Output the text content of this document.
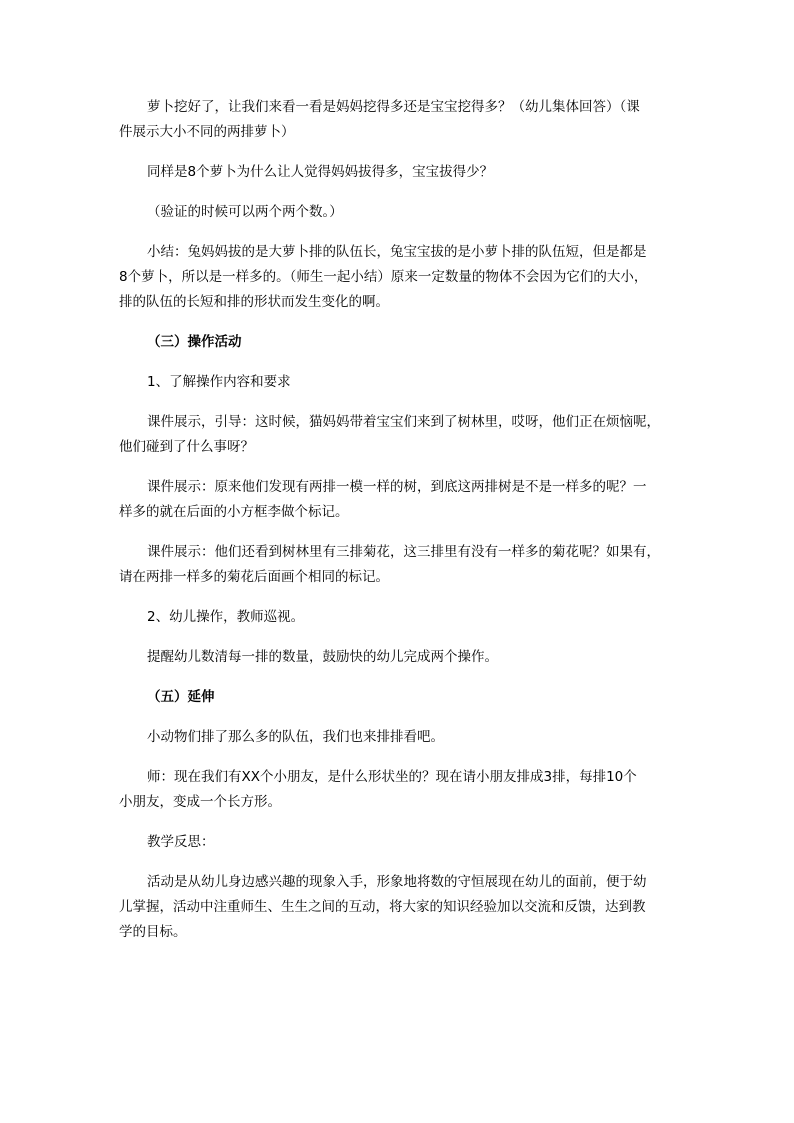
萝卜挖好了，让我们来看一看是妈妈挖得多还是宝宝挖得多？（幼儿集体回答）（课
件展示大小不同的两排萝卜）

同样是8个萝卜为什么让人觉得妈妈拔得多，宝宝拔得少？

（验证的时候可以两个两个数。）

小结：兔妈妈拔的是大萝卜排的队伍长，兔宝宝拔的是小萝卜排的队伍短，但是都是
8个萝卜，所以是一样多的。（师生一起小结）原来一定数量的物体不会因为它们的大小，
排的队伍的长短和排的形状而发生变化的啊。

（三）操作活动

1、了解操作内容和要求

课件展示，引导：这时候，猫妈妈带着宝宝们来到了树林里，哎呀，他们正在烦恼呢，
他们碰到了什么事呀？

课件展示：原来他们发现有两排一模一样的树，到底这两排树是不是一样多的呢？一
样多的就在后面的小方框李做个标记。

课件展示：他们还看到树林里有三排菊花，这三排里有没有一样多的菊花呢？如果有，
请在两排一样多的菊花后面画个相同的标记。

2、幼儿操作，教师巡视。

提醒幼儿数清每一排的数量，鼓励快的幼儿完成两个操作。

（五）延伸

小动物们排了那么多的队伍，我们也来排排看吧。

师：现在我们有XX个小朋友，是什么形状坐的？现在请小朋友排成3排，每排10个
小朋友，变成一个长方形。

教学反思：

活动是从幼儿身边感兴趣的现象入手，形象地将数的守恒展现在幼儿的面前，便于幼
儿掌握，活动中注重师生、生生之间的互动，将大家的知识经验加以交流和反馈，达到教
学的目标。
